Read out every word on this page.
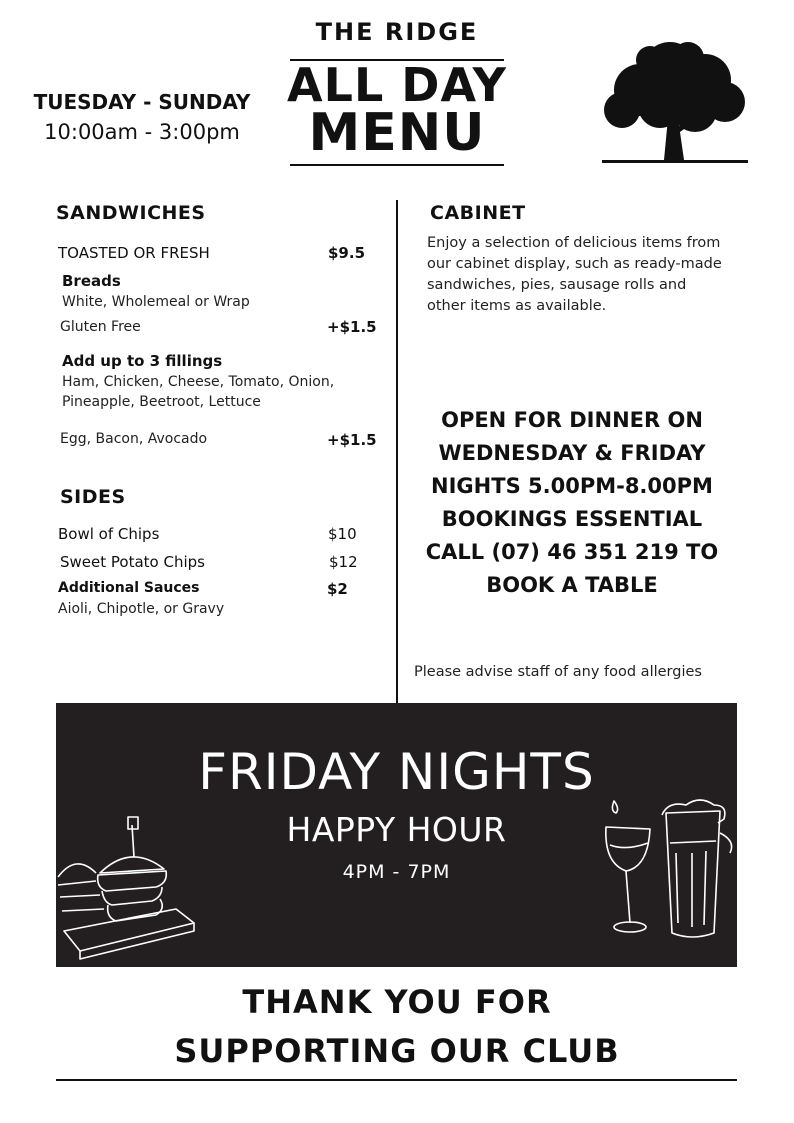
THE RIDGE
ALL DAY
MENU
TUESDAY - SUNDAY
10:00am - 3:00pm
SANDWICHES
TOASTED OR FRESH	$9.5
Breads
White, Wholemeal or Wrap
Gluten Free	+$1.5
Add up to 3 fillings
Ham, Chicken, Cheese, Tomato, Onion,
Pineapple, Beetroot, Lettuce
Egg, Bacon, Avocado	+$1.5
SIDES
Bowl of Chips	$10
Sweet Potato Chips	$12
Additional Sauces	$2
Aioli, Chipotle, or Gravy
CABINET
Enjoy a selection of delicious items from
our cabinet display, such as ready-made
sandwiches, pies, sausage rolls and
other items as available.
OPEN FOR DINNER ON
WEDNESDAY & FRIDAY
NIGHTS 5.00PM-8.00PM
BOOKINGS ESSENTIAL
CALL (07) 46 351 219 TO
BOOK A TABLE
Please advise staff of any food allergies
FRIDAY NIGHTS
HAPPY HOUR
4PM - 7PM
THANK YOU FOR
SUPPORTING OUR CLUB
